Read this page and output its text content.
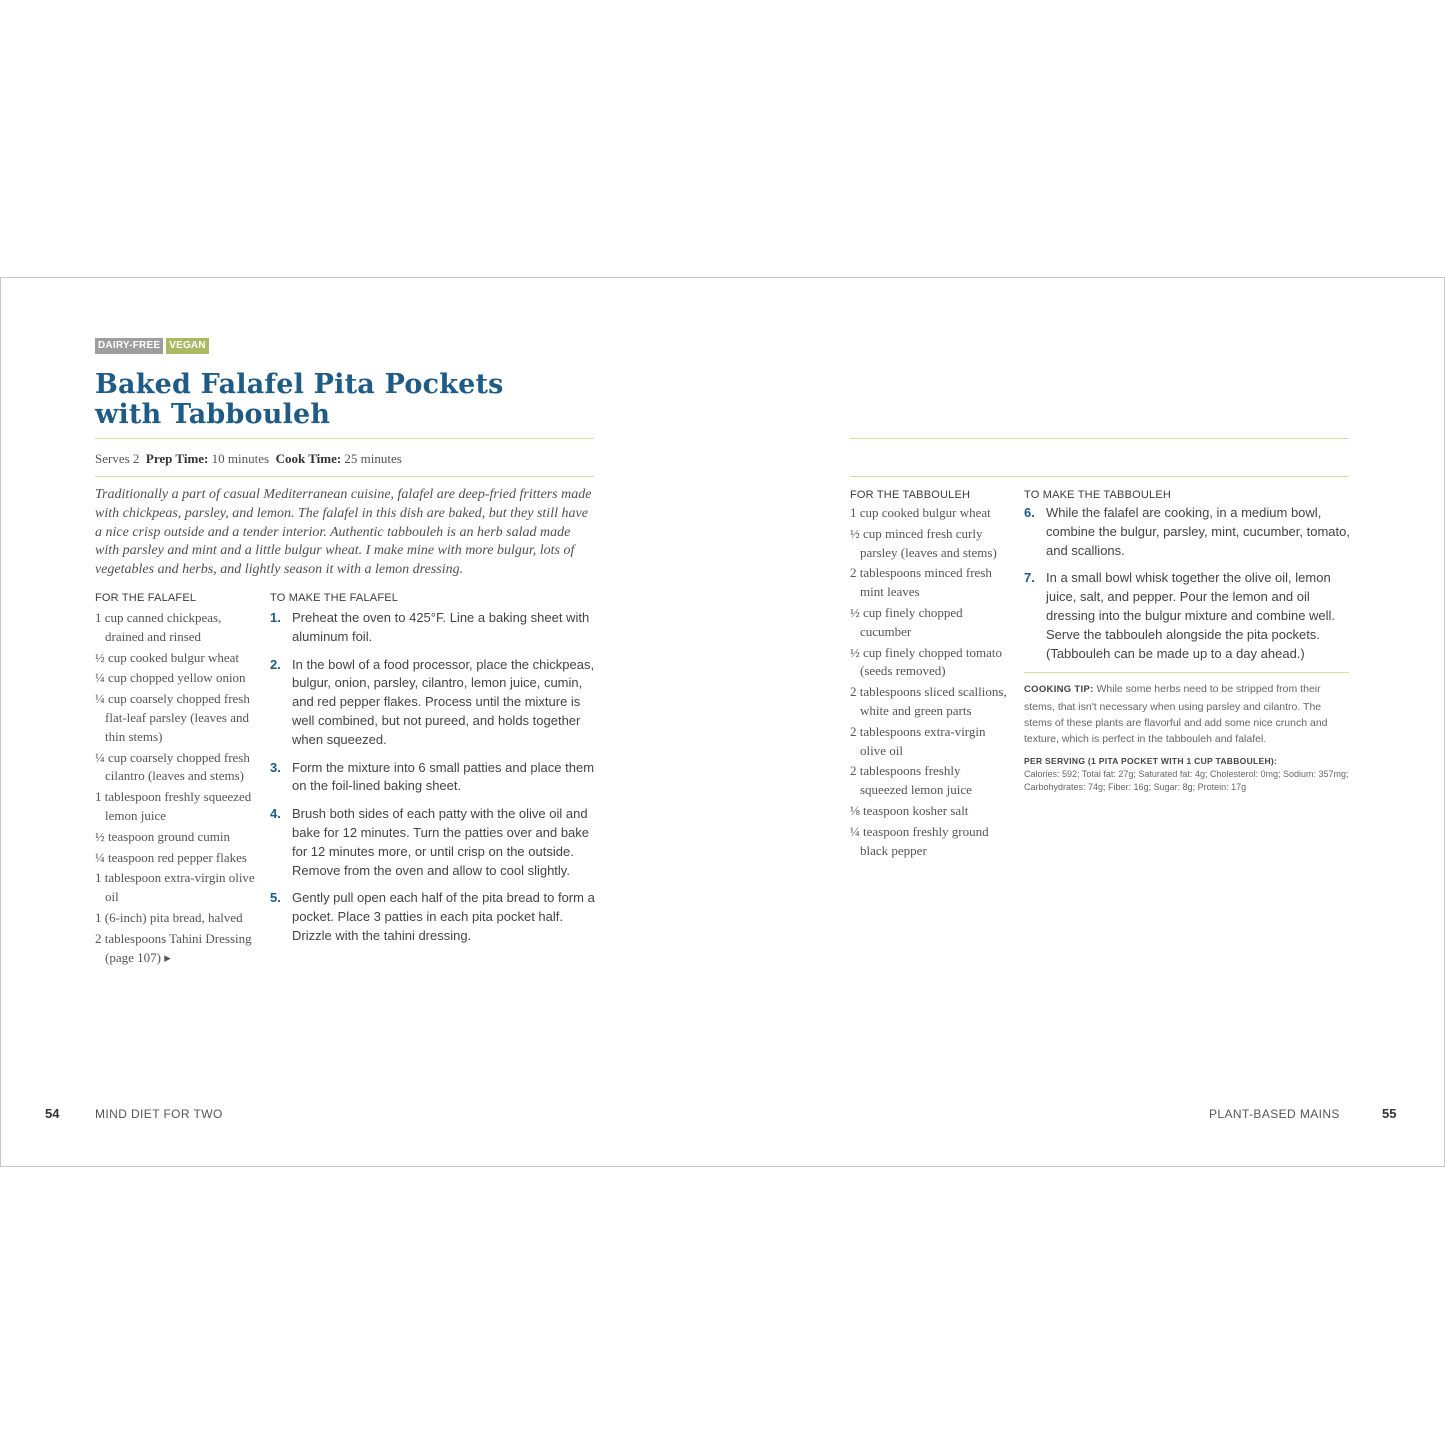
DAIRY-FREE VEGAN
Baked Falafel Pita Pockets
with Tabbouleh
Serves 2 Prep Time: 10 minutes Cook Time: 25 minutes

Traditionally a part of casual Mediterranean cuisine, falafel are deep-fried fritters made with chickpeas, parsley, and lemon. The falafel in this dish are baked, but they still have a nice crisp outside and a tender interior. Authentic tabbouleh is an herb salad made with parsley and mint and a little bulgur wheat. I make mine with more bulgur, lots of vegetables and herbs, and lightly season it with a lemon dressing.

FOR THE FALAFEL
1 cup canned chickpeas, drained and rinsed
½ cup cooked bulgur wheat
¼ cup chopped yellow onion
¼ cup coarsely chopped fresh flat-leaf parsley (leaves and thin stems)
¼ cup coarsely chopped fresh cilantro (leaves and stems)
1 tablespoon freshly squeezed lemon juice
½ teaspoon ground cumin
¼ teaspoon red pepper flakes
1 tablespoon extra-virgin olive oil
1 (6-inch) pita bread, halved
2 tablespoons Tahini Dressing (page 107) ▸
TO MAKE THE FALAFEL
1. Preheat the oven to 425°F. Line a baking sheet with aluminum foil.
2. In the bowl of a food processor, place the chickpeas, bulgur, onion, parsley, cilantro, lemon juice, cumin, and red pepper flakes. Process until the mixture is well combined, but not pureed, and holds together when squeezed.
3. Form the mixture into 6 small patties and place them on the foil-lined baking sheet.
4. Brush both sides of each patty with the olive oil and bake for 12 minutes. Turn the patties over and bake for 12 minutes more, or until crisp on the outside. Remove from the oven and allow to cool slightly.
5. Gently pull open each half of the pita bread to form a pocket. Place 3 patties in each pita pocket half. Drizzle with the tahini dressing.
54	MIND DIET FOR TWO
FOR THE TABBOULEH
1 cup cooked bulgur wheat
½ cup minced fresh curly parsley (leaves and stems)
2 tablespoons minced fresh mint leaves
½ cup finely chopped cucumber
½ cup finely chopped tomato (seeds removed)
2 tablespoons sliced scallions, white and green parts
2 tablespoons extra-virgin olive oil
2 tablespoons freshly squeezed lemon juice
⅛ teaspoon kosher salt
¼ teaspoon freshly ground black pepper
TO MAKE THE TABBOULEH
6. While the falafel are cooking, in a medium bowl, combine the bulgur, parsley, mint, cucumber, tomato, and scallions.
7. In a small bowl whisk together the olive oil, lemon juice, salt, and pepper. Pour the lemon and oil dressing into the bulgur mixture and combine well. Serve the tabbouleh alongside the pita pockets. (Tabbouleh can be made up to a day ahead.)

COOKING TIP: While some herbs need to be stripped from their stems, that isn't necessary when using parsley and cilantro. The stems of these plants are flavorful and add some nice crunch and texture, which is perfect in the tabbouleh and falafel.

PER SERVING (1 PITA POCKET WITH 1 CUP TABBOULEH):
Calories: 592; Total fat: 27g; Saturated fat: 4g; Cholesterol: 0mg; Sodium: 357mg; Carbohydrates: 74g; Fiber: 16g; Sugar: 8g; Protein: 17g
PLANT-BASED MAINS	55
